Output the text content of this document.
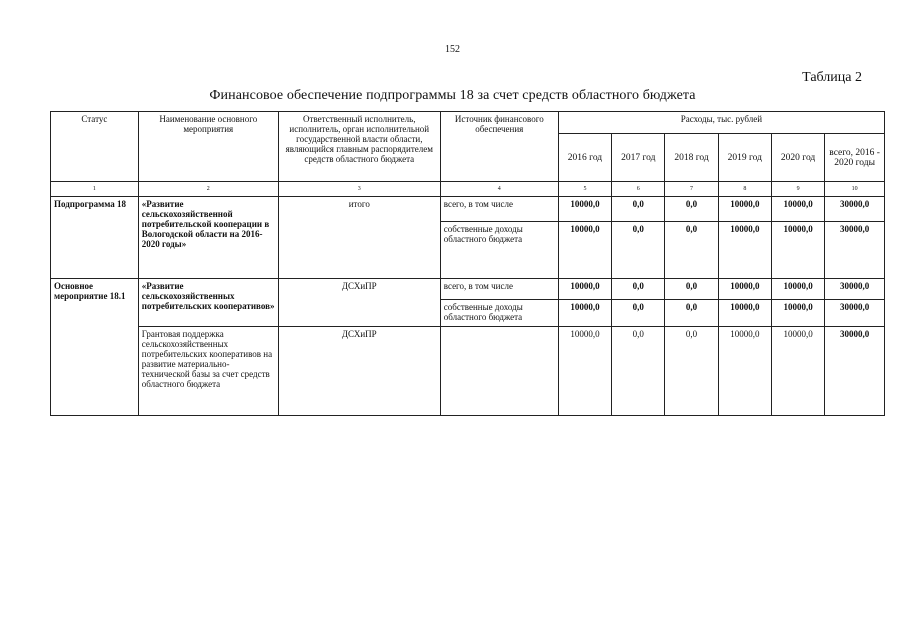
152
Таблица 2
Финансовое обеспечение подпрограммы 18 за счет средств областного бюджета
Статус	Наименование основного мероприятия	Ответственный исполнитель, исполнитель, орган исполнительной государственной власти области, являющийся главным распорядителем средств областного бюджета	Источник финансового обеспечения	Расходы, тыс. рублей					
				2016 год	2017 год	2018 год	2019 год	2020 год	всего, 2016 - 2020 годы
1	2	3	4	5	6	7	8	9	10
Подпрограмма 18	«Развитие сельскохозяйственной потребительской кооперации в Вологодской области на 2016-2020 годы»	итого	всего, в том числе	10000,0	0,0	0,0	10000,0	10000,0	30000,0
			собственные доходы областного бюджета	10000,0	0,0	0,0	10000,0	10000,0	30000,0
Основное мероприятие 18.1	«Развитие сельскохозяйственных потребительских кооперативов»	ДСХиПР	всего, в том числе	10000,0	0,0	0,0	10000,0	10000,0	30000,0
			собственные доходы областного бюджета	10000,0	0,0	0,0	10000,0	10000,0	30000,0
	Грантовая поддержка сельскохозяйственных потребительских кооперативов на развитие материально-технической базы за счет средств областного бюджета	ДСХиПР		10000,0	0,0	0,0	10000,0	10000,0	30000,0
